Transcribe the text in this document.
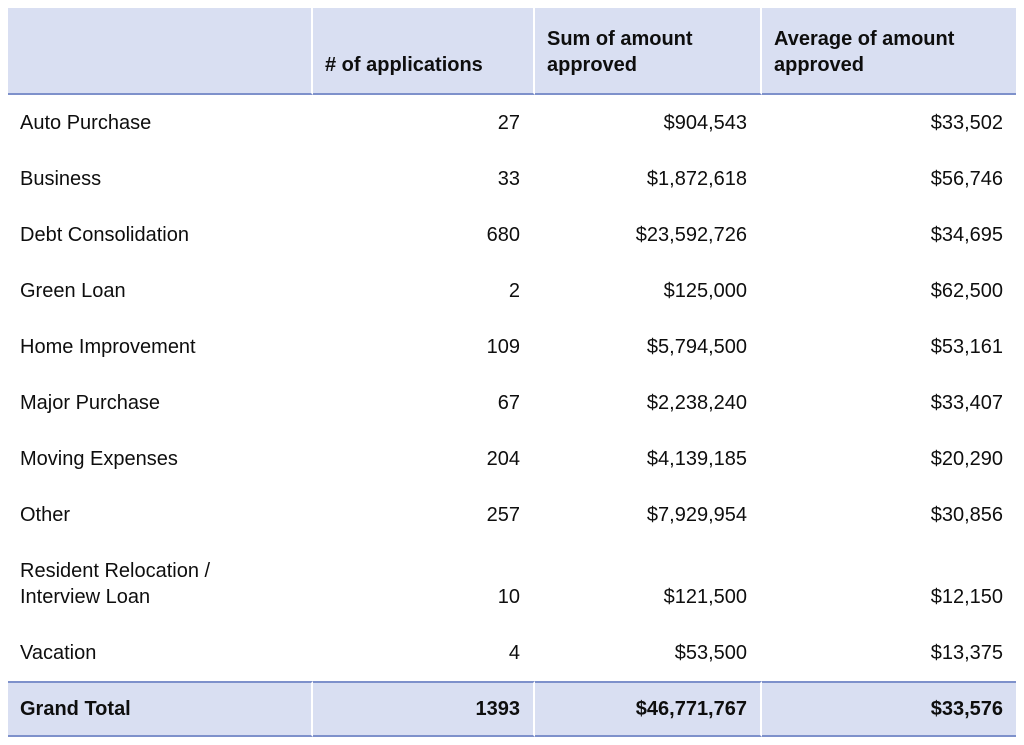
	# of applications	Sum of amount approved	Average of amount approved
Auto Purchase	27	$904,543	$33,502
Business	33	$1,872,618	$56,746
Debt Consolidation	680	$23,592,726	$34,695
Green Loan	2	$125,000	$62,500
Home Improvement	109	$5,794,500	$53,161
Major Purchase	67	$2,238,240	$33,407
Moving Expenses	204	$4,139,185	$20,290
Other	257	$7,929,954	$30,856
Resident Relocation / Interview Loan	10	$121,500	$12,150
Vacation	4	$53,500	$13,375
Grand Total	1393	$46,771,767	$33,576
